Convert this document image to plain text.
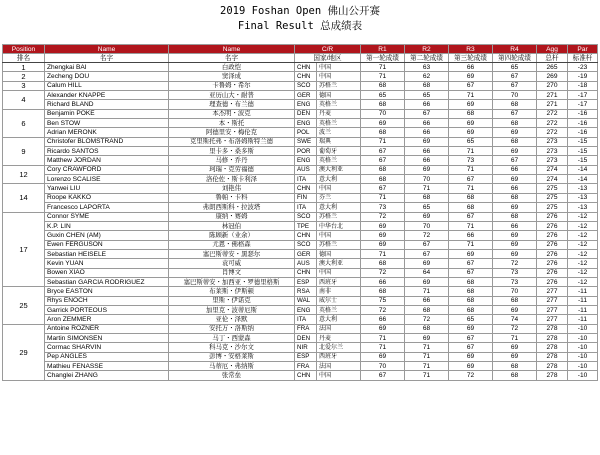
2019 Foshan Open 佛山公开赛
Final Result 总成绩表
Position	Name	Name	C/R		R1	R2	R3	R4	Agg	Par
排名	名字	名字	国家/地区		第一轮成绩	第二轮成绩	第三轮成绩	第四轮成绩	总杆	标准杆
1	Zhengkai BAI	白政恺	CHN	中国	71	63	66	65	265	-23
2	Zecheng DOU	窦泽成	CHN	中国	71	62	69	67	269	-19
3	Calum HILL	卡鲁姆・希尔	SCO	苏格兰	68	68	67	67	270	-18
4	Alexander KNAPPE	亚历山大・耐普	GER	德国	65	65	71	70	271	-17
	Richard BLAND	理查德・布兰德	ENG	英格兰	68	66	69	68	271	-17
6	Benjamin POKE	本杰明・波克	DEN	丹麦	70	67	68	67	272	-16
	Ben STOW	本・斯托	ENG	英格兰	69	66	69	68	272	-16
	Adrian MERONK	阿德里安・梅伦克	POL	波兰	68	66	69	69	272	-16
9	Christofer BLOMSTRAND	克里斯托弗・布洛姆斯特兰德	SWE	瑞典	71	69	65	68	273	-15
	Ricardo SANTOS	里卡多・桑多斯	POR	葡萄牙	67	66	71	69	273	-15
	Matthew JORDAN	马修・乔丹	ENG	英格兰	67	66	73	67	273	-15
12	Cory CRAWFORD	珂瑞・克劳福德	AUS	澳大利亚	68	69	71	66	274	-14
	Lorenzo SCALISE	洛伦佐・斯卡利泽	ITA	意大利	68	70	67	69	274	-14
14	Yanwei LIU	刘艳伟	CHN	中国	67	71	71	66	275	-13
	Roope KAKKO	鲁帕・卡科	FIN	芬兰	71	68	68	68	275	-13
	Francesco LAPORTA	弗朗西斯科・拉波塔	ITA	意大利	73	65	68	69	275	-13
17	Connor SYME	康纳・赛姆	SCO	苏格兰	72	69	67	68	276	-12
	K.P. LIN	林冠伯	TPE	中华台北	69	70	71	66	276	-12
	Guxin CHEN (AM)	陈顾新（业余）	CHN	中国	69	72	66	69	276	-12
	Ewen FERGUSON	尤恩・佛格森	SCO	苏格兰	69	67	71	69	276	-12
	Sebastian HEISELE	塞巴斯蒂安・黑瑟尔	GER	德国	71	67	69	69	276	-12
	Kevin YUAN	袁可威	AUS	澳大利亚	68	69	67	72	276	-12
	Bowen XIAO	肖博文	CHN	中国	72	64	67	73	276	-12
	Sebastian GARCIA RODRIGUEZ	塞巴斯蒂安・加西亚・罗德里格斯	ESP	西班牙	66	69	68	73	276	-12
25	Bryce EASTON	布莱斯・伊斯顿	RSA	南非	68	71	68	70	277	-11
	Rhys ENOCH	里斯・伊诺克	WAL	威尔士	75	66	68	68	277	-11
	Garrick PORTEOUS	加里克・波蒂厄斯	ENG	英格兰	72	68	68	69	277	-11
	Aron ZEMMER	亚伦・泽默	ITA	意大利	66	72	65	74	277	-11
29	Antoine ROZNER	安托万・洛斯纳	FRA	法国	69	68	69	72	278	-10
	Martin SIMONSEN	马丁・西蒙森	DEN	丹麦	71	69	67	71	278	-10
	Cormac SHARVIN	科马克・沙尔文	NIR	北爱尔兰	71	71	67	69	278	-10
	Pep ANGLES	彭博・安格莱斯	ESP	西班牙	69	71	69	69	278	-10
	Mathieu FENASSE	马蒂厄・弗纳斯	FRA	法国	70	71	69	68	278	-10
	Changlei ZHANG	张常垒	CHN	中国	67	71	72	68	278	-10
